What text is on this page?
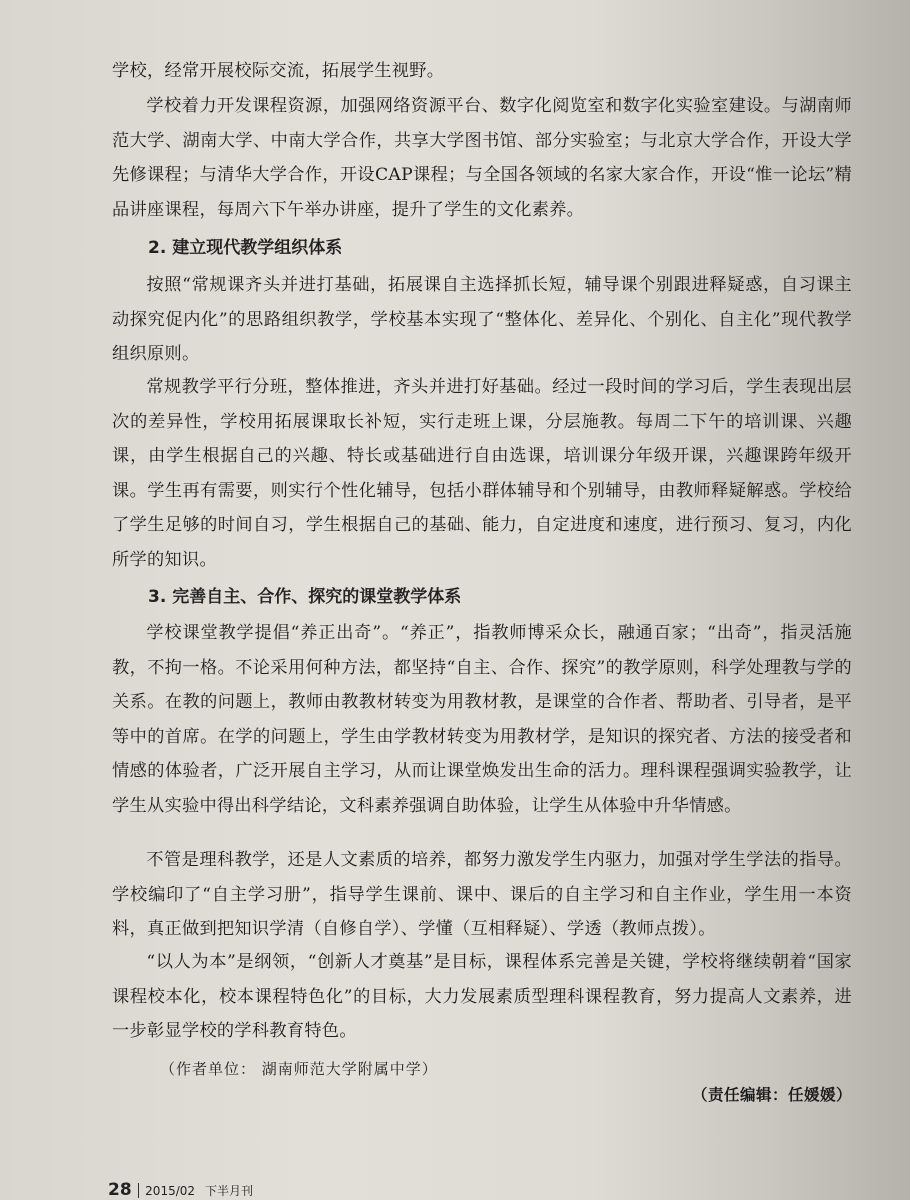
学校，经常开展校际交流，拓展学生视野。

学校着力开发课程资源，加强网络资源平台、数字化阅览室和数字化实验室建设。与湖南师范大学、湖南大学、中南大学合作，共享大学图书馆、部分实验室；与北京大学合作，开设大学先修课程；与清华大学合作，开设CAP课程；与全国各领域的名家大家合作，开设“惟一论坛”精品讲座课程，每周六下午举办讲座，提升了学生的文化素养。

2. 建立现代教学组织体系

按照“常规课齐头并进打基础，拓展课自主选择抓长短，辅导课个别跟进释疑惑，自习课主动探究促内化”的思路组织教学，学校基本实现了“整体化、差异化、个别化、自主化”现代教学组织原则。

常规教学平行分班，整体推进，齐头并进打好基础。经过一段时间的学习后，学生表现出层次的差异性，学校用拓展课取长补短，实行走班上课，分层施教。每周二下午的培训课、兴趣课，由学生根据自己的兴趣、特长或基础进行自由选课，培训课分年级开课，兴趣课跨年级开课。学生再有需要，则实行个性化辅导，包括小群体辅导和个别辅导，由教师释疑解惑。学校给了学生足够的时间自习，学生根据自己的基础、能力，自定进度和速度，进行预习、复习，内化所学的知识。

3. 完善自主、合作、探究的课堂教学体系

学校课堂教学提倡“养正出奇”。“养正”，指教师博采众长，融通百家；“出奇”，指灵活施教，不拘一格。不论采用何种方法，都坚持“自主、合作、探究”的教学原则，科学处理教与学的关系。在教的问题上，教师由教教材转变为用教材教，是课堂的合作者、帮助者、引导者，是平等中的首席。在学的问题上，学生由学教材转变为用教材学，是知识的探究者、方法的接受者和情感的体验者，广泛开展自主学习，从而让课堂焕发出生命的活力。理科课程强调实验教学，让学生从实验中得出科学结论，文科素养强调自助体验，让学生从体验中升华情感。

不管是理科教学，还是人文素质的培养，都努力激发学生内驱力，加强对学生学法的指导。学校编印了“自主学习册”，指导学生课前、课中、课后的自主学习和自主作业，学生用一本资料，真正做到把知识学清（自修自学）、学懂（互相释疑）、学透（教师点拨）。

“以人为本”是纲领，“创新人才奠基”是目标，课程体系完善是关键，学校将继续朝着“国家课程校本化，校本课程特色化”的目标，大力发展素质型理科课程教育，努力提高人文素养，进一步彰显学校的学科教育特色。

（作者单位： 湖南师范大学附属中学）
（责任编辑：任媛媛）
28 2015/02 下半月刊
